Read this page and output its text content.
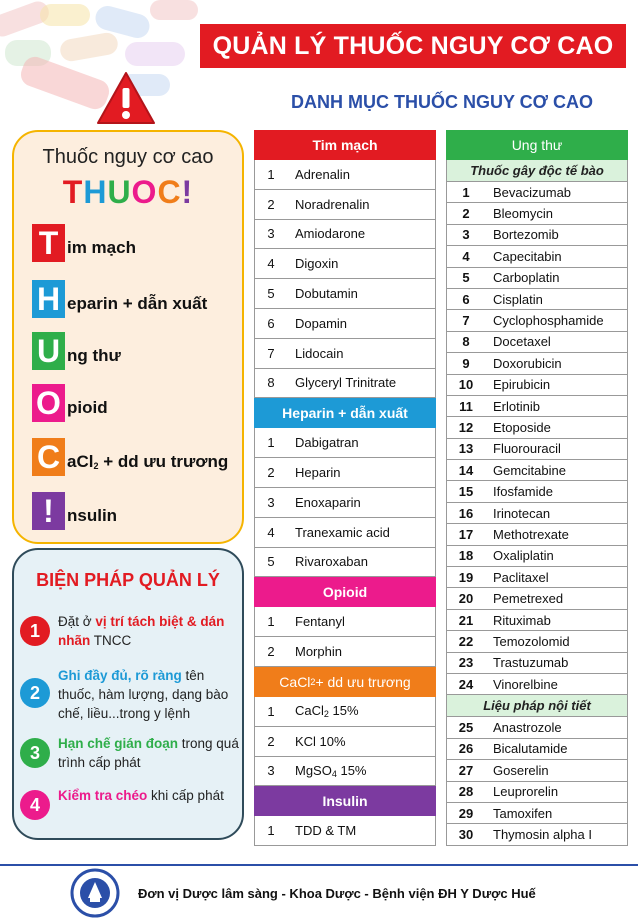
QUẢN LÝ THUỐC NGUY CƠ CAO
DANH MỤC THUỐC NGUY CƠ CAO
Thuốc nguy cơ cao
THUOC!
T im mạch
H eparin + dẫn xuất
U ng thư
O pioid
C aCl$_2$ + dd ưu trương
! nsulin
BIỆN PHÁP QUẢN LÝ
1	Đặt ở vị trí tách biệt & dán nhãn TNCC
2
Ghi đầy đủ, rõ ràng tên thuốc, hàm lượng, dạng bào chế, liều...trong y lệnh
3	Hạn chế gián đoạn trong quá trình cấp phát
4	Kiểm tra chéo khi cấp phát
Tim mạch
1	Adrenalin
2	Noradrenalin
3	Amiodarone
4	Digoxin
5	Dobutamin
6	Dopamin
7	Lidocain
8	Glyceryl Trinitrate
Heparin + dẫn xuất
1	Dabigatran
2	Heparin
3	Enoxaparin
4	Tranexamic acid
5	Rivaroxaban
Opioid
1	Fentanyl
2	Morphin
CaCl 2 + dd ưu trương
1	CaCl$_2$ 15%
2	KCl 10%
3	MgSO$_4$ 15%
Insulin
1	TDD & TM
Ung thư
Thuốc gây độc tế bào
1	Bevacizumab
2	Bleomycin
3	Bortezomib
4	Capecitabin
5	Carboplatin
6	Cisplatin
7	Cyclophosphamide
8	Docetaxel
9	Doxorubicin
10	Epirubicin
11	Erlotinib
12	Etoposide
13	Fluorouracil
14	Gemcitabine
15	Ifosfamide
16	Irinotecan
17	Methotrexate
18	Oxaliplatin
19	Paclitaxel
20	Pemetrexed
21	Rituximab
22	Temozolomid
23	Trastuzumab
24	Vinorelbine
Liệu pháp nội tiết
25	Anastrozole
26	Bicalutamide
27	Goserelin
28	Leuprorelin
29	Tamoxifen
30	Thymosin alpha I
Đơn vị Dược lâm sàng - Khoa Dược - Bệnh viện ĐH Y Dược Huế
